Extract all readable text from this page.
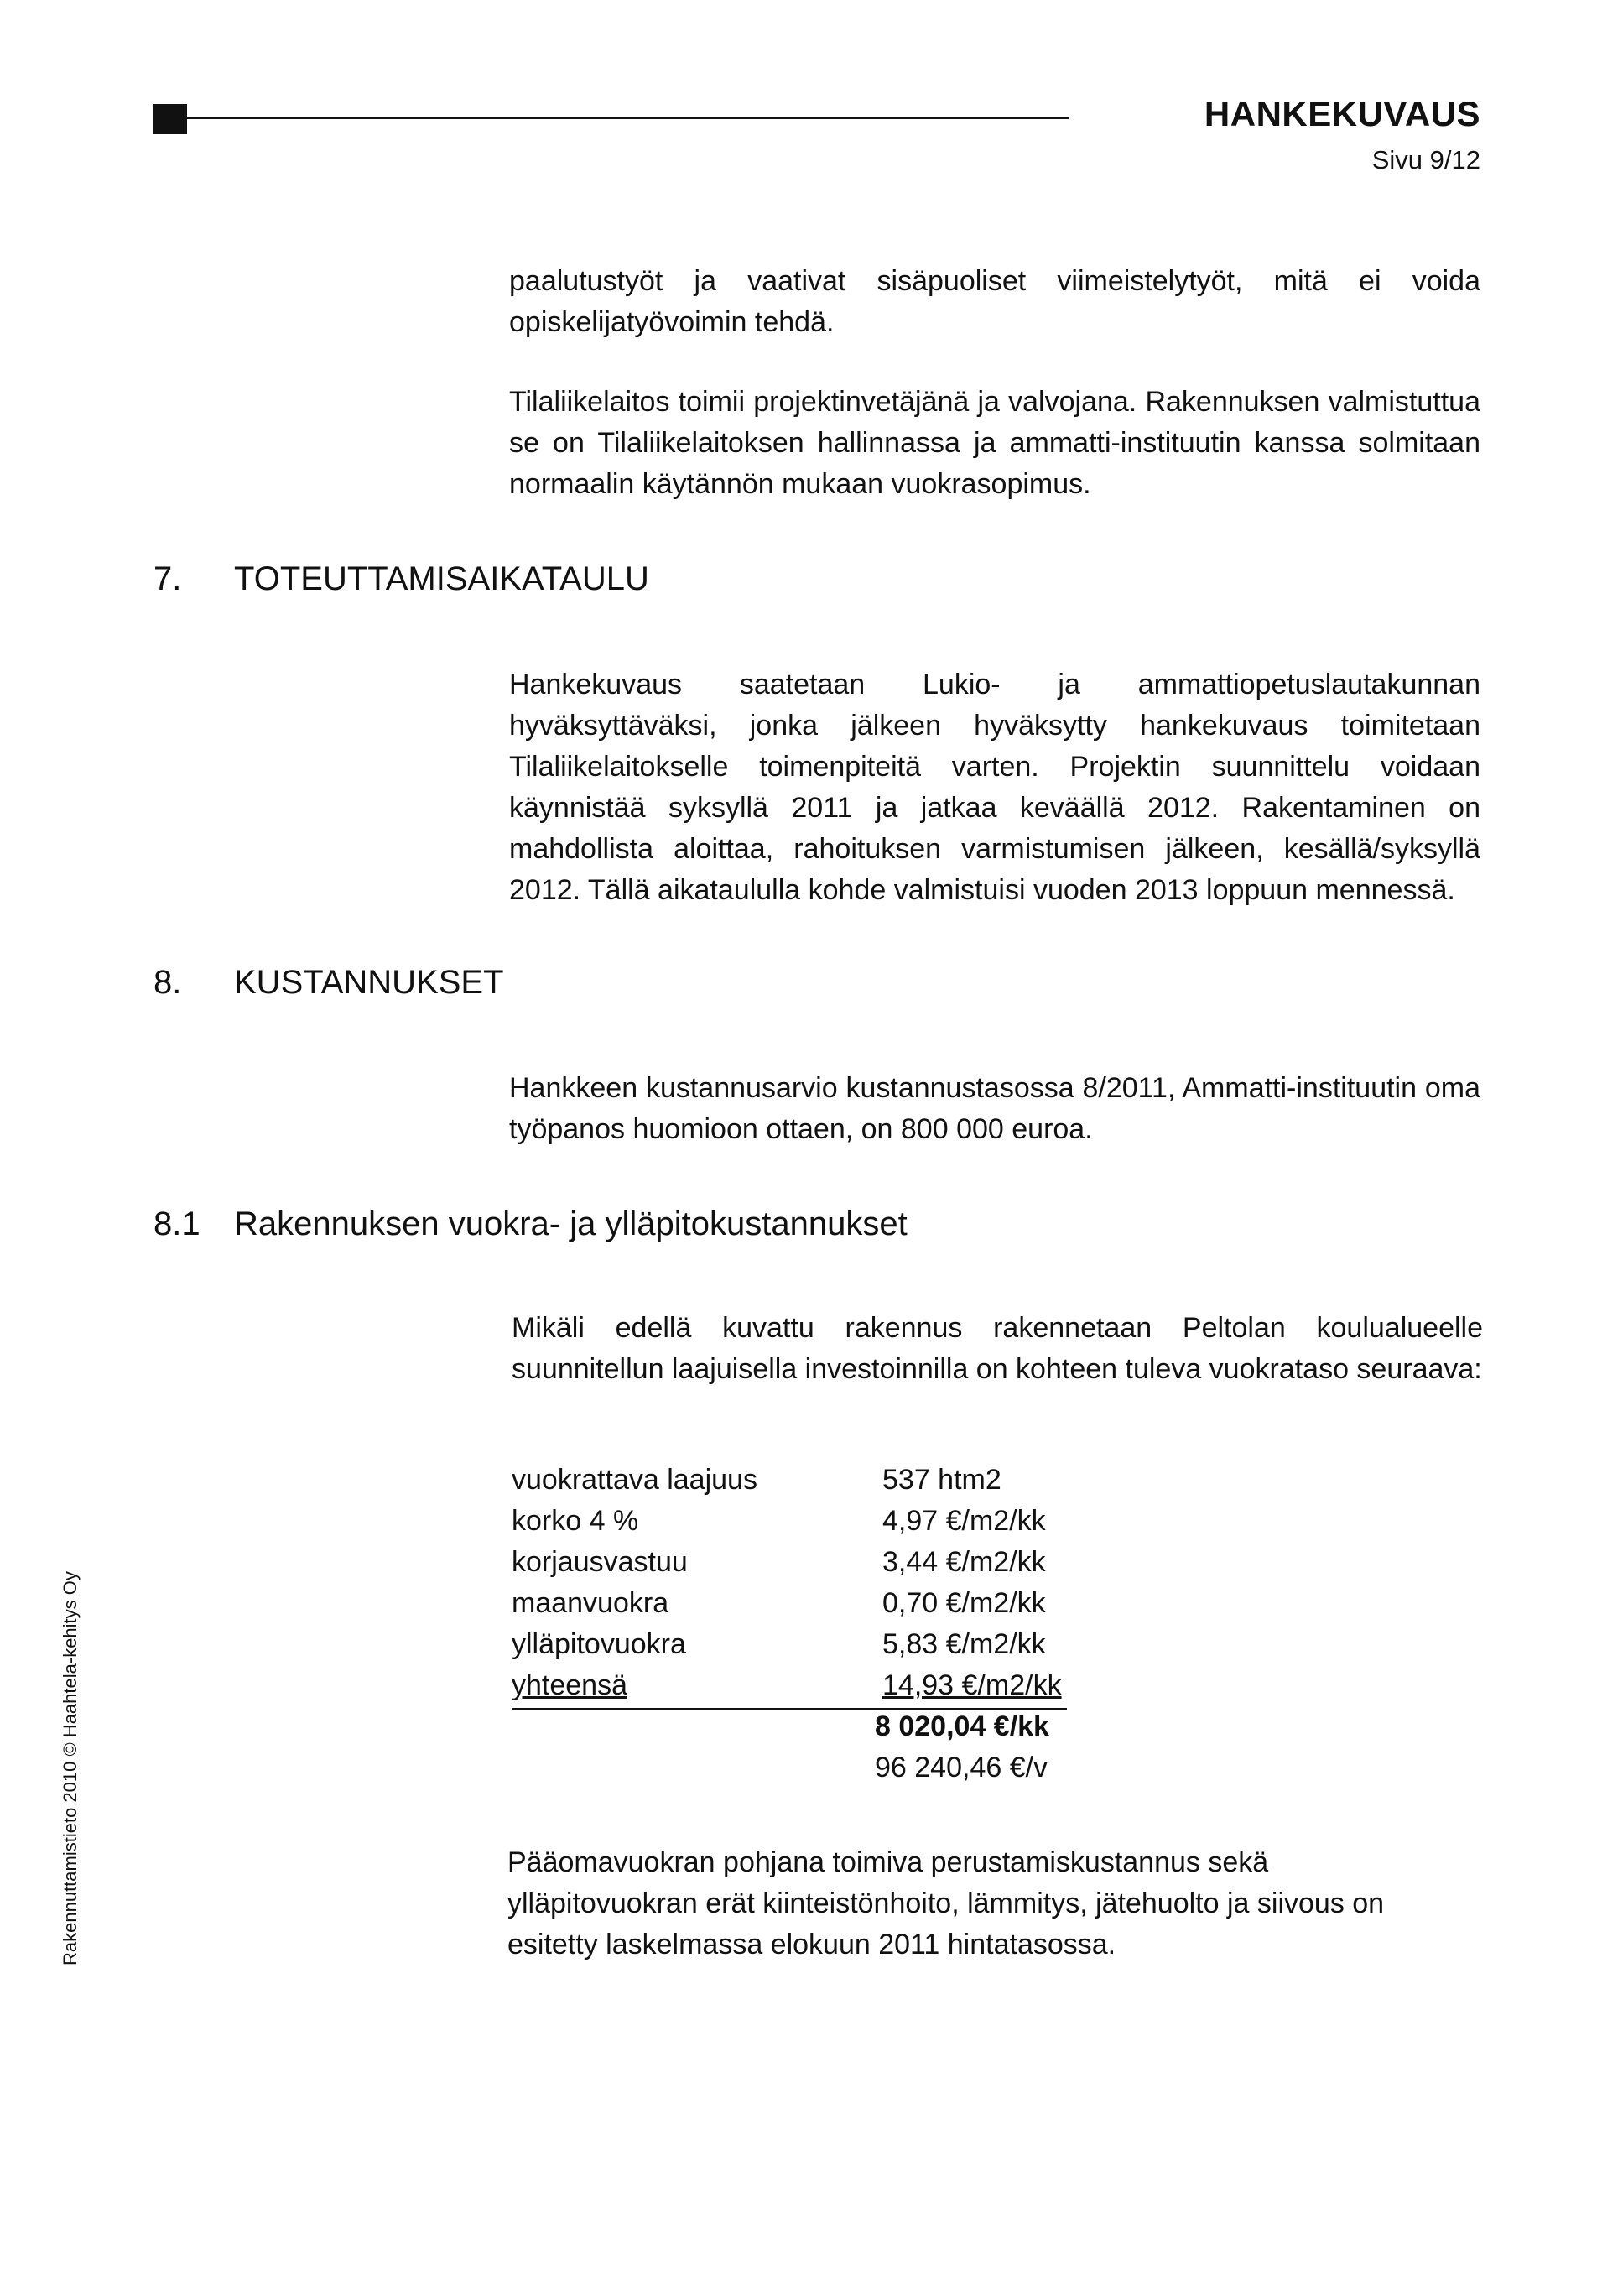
HANKEKUVAUS
Sivu 9/12
paalutustyöt ja vaativat sisäpuoliset viimeistelytyöt, mitä ei voida opiskelijatyövoimin tehdä.
Tilaliikelaitos toimii projektinvetäjänä ja valvojana. Rakennuksen valmistuttua se on Tilaliikelaitoksen hallinnassa ja ammatti-instituutin kanssa solmitaan normaalin käytännön mukaan vuokrasopimus.
7. TOTEUTTAMISAIKATAULU
Hankekuvaus saatetaan Lukio- ja ammattiopetuslautakunnan hyväksyttäväksi, jonka jälkeen hyväksytty hankekuvaus toimitetaan Tilaliikelaitokselle toimenpiteitä varten. Projektin suunnittelu voidaan käynnistää syksyllä 2011 ja jatkaa keväällä 2012. Rakentaminen on mahdollista aloittaa, rahoituksen varmistumisen jälkeen, kesällä/syksyllä 2012. Tällä aikataululla kohde valmistuisi vuoden 2013 loppuun mennessä.
8. KUSTANNUKSET
Hankkeen kustannusarvio kustannustasossa 8/2011, Ammatti-instituutin oma työpanos huomioon ottaen, on 800 000 euroa.
8.1 Rakennuksen vuokra- ja ylläpitokustannukset
Mikäli edellä kuvattu rakennus rakennetaan Peltolan koulualueelle suunnitellun laajuisella investoinnilla on kohteen tuleva vuokrataso seuraava:
vuokrattava laajuus	537 htm2
korko 4 %	4,97 €/m2/kk
korjausvastuu	3,44 €/m2/kk
maanvuokra	0,70 €/m2/kk
ylläpitovuokra	5,83 €/m2/kk
yhteensä	14,93 €/m2/kk
8 020,04 €/kk
96 240,46 €/v
Pääomavuokran pohjana toimiva perustamiskustannus sekä ylläpitovuokran erät kiinteistönhoito, lämmitys, jätehuolto ja siivous on esitetty laskelmassa elokuun 2011 hintatasossa.
Rakennuttamistieto 2010 © Haahtela-kehitys Oy
